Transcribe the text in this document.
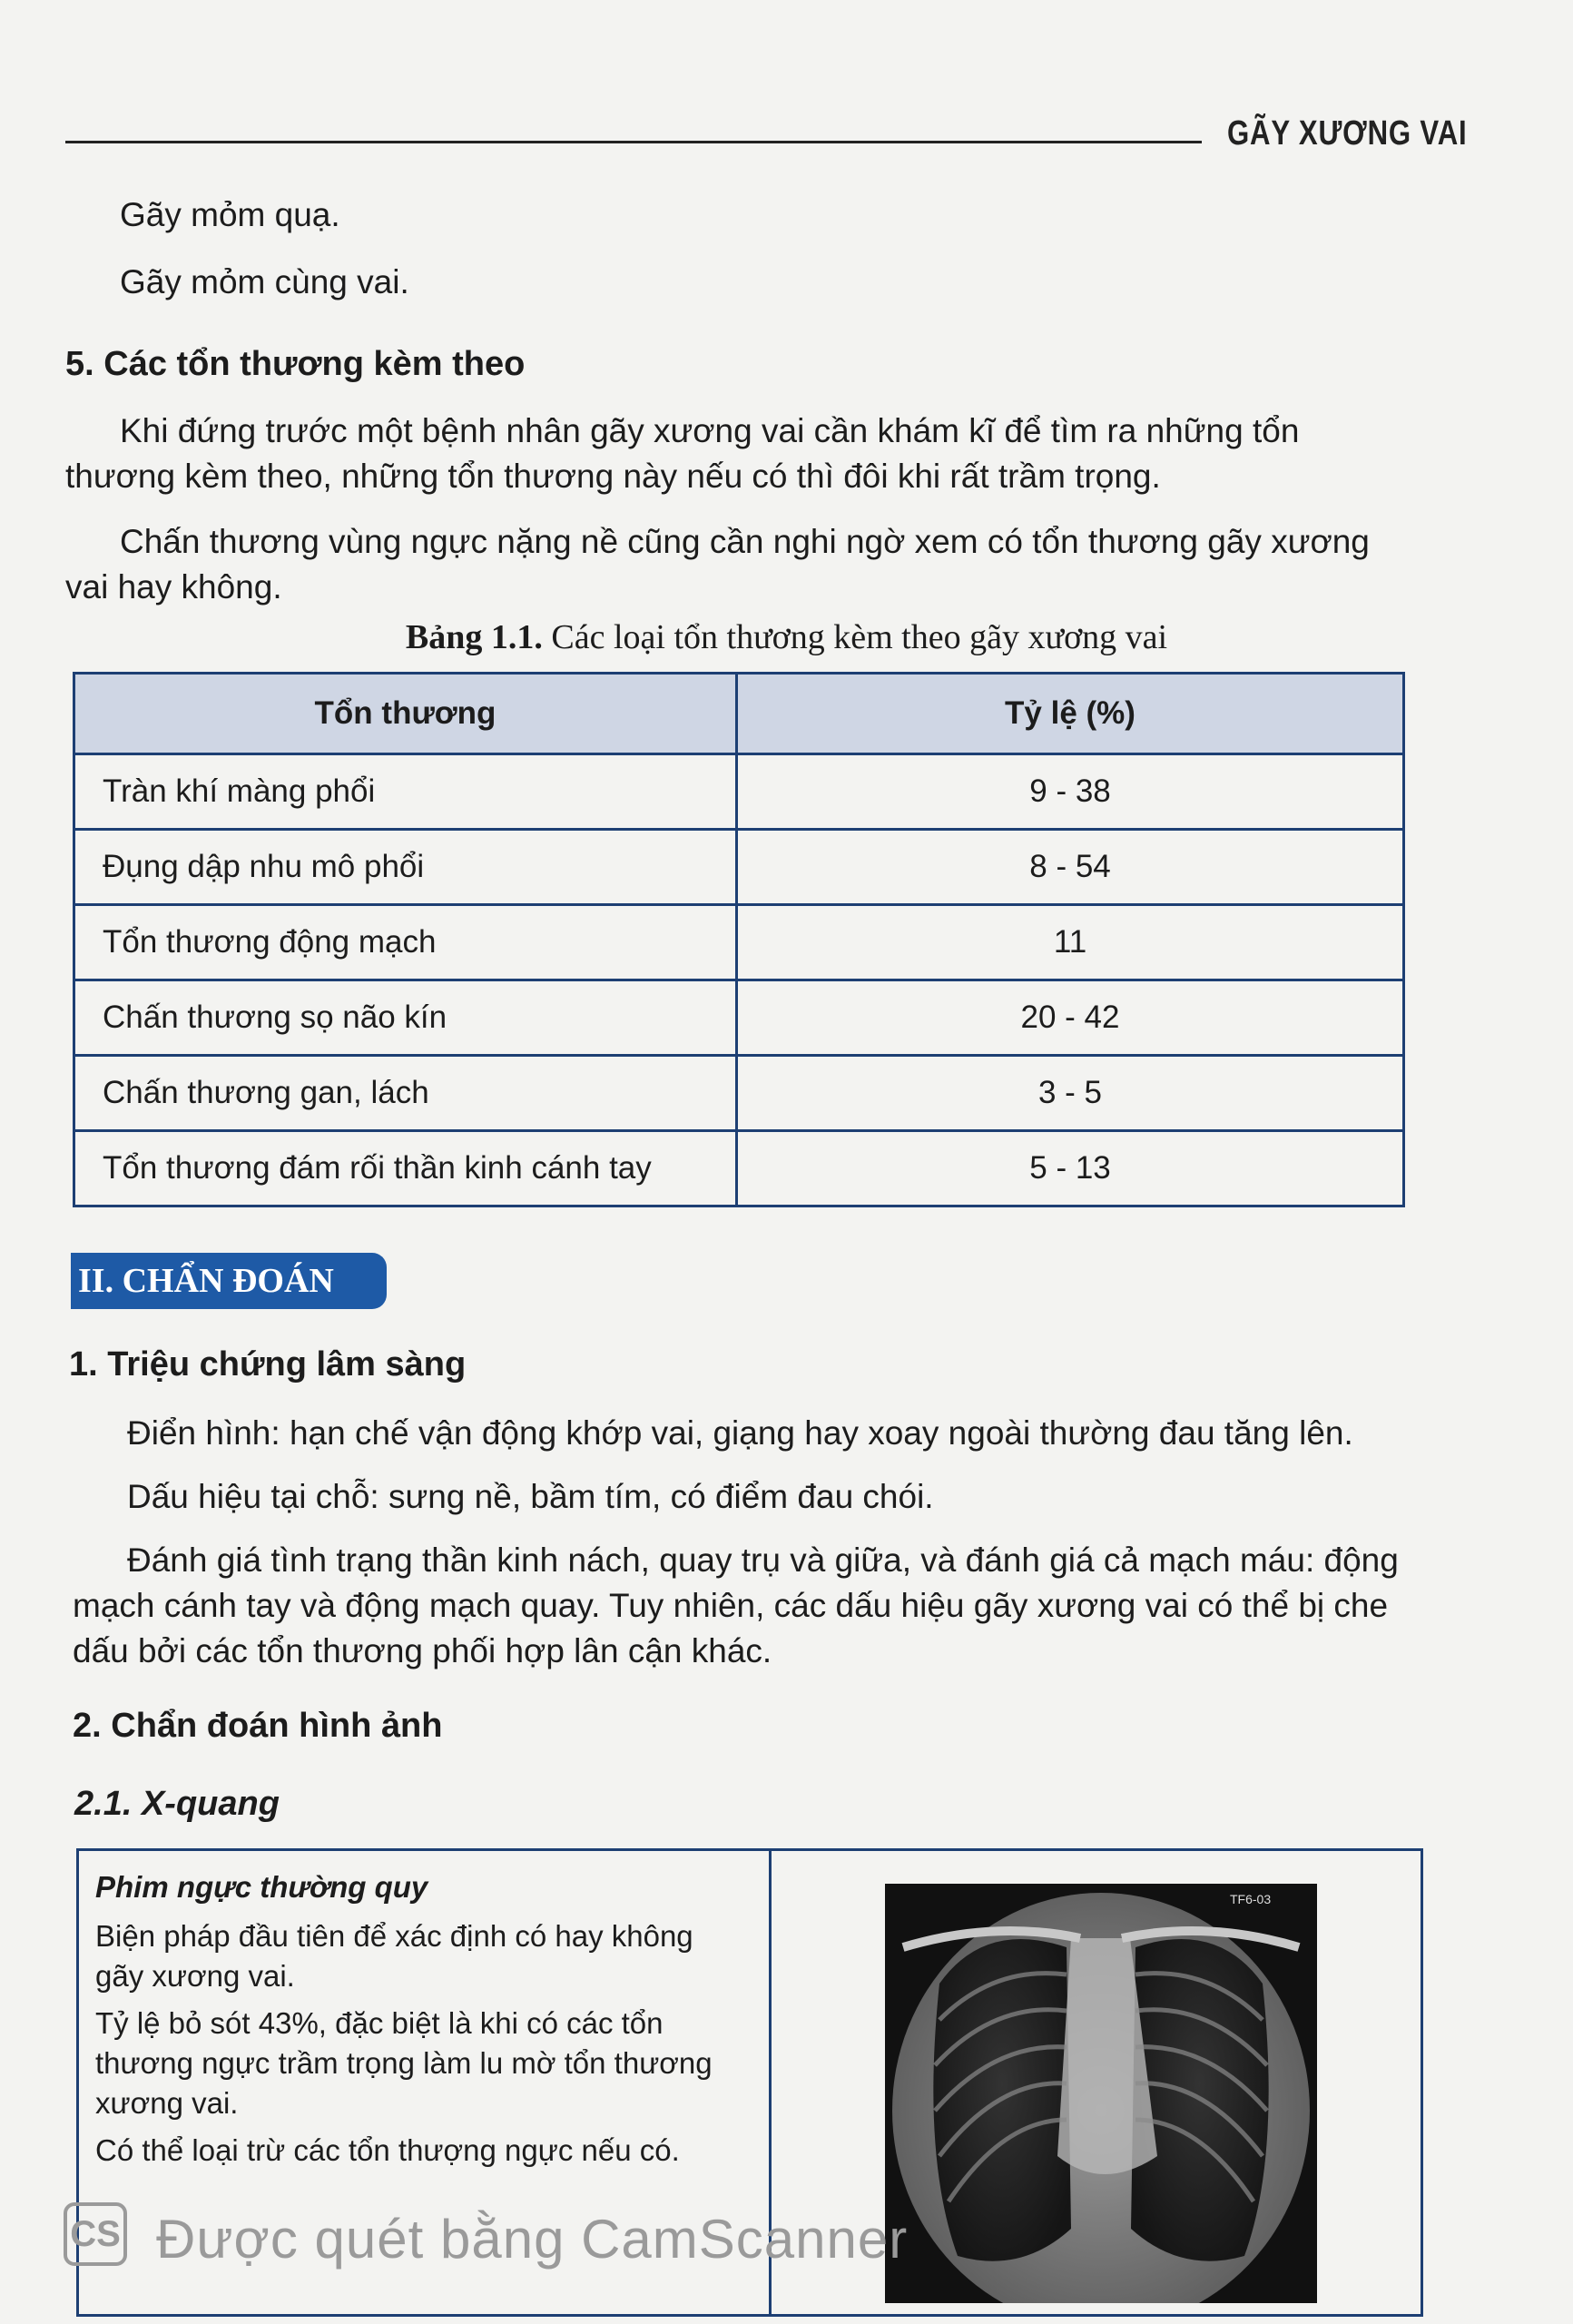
GÃY XƯƠNG VAI
Gãy mỏm quạ.
Gãy mỏm cùng vai.
5. Các tổn thương kèm theo
Khi đứng trước một bệnh nhân gãy xương vai cần khám kĩ để tìm ra những tổn thương kèm theo, những tổn thương này nếu có thì đôi khi rất trầm trọng.
Chấn thương vùng ngực nặng nề cũng cần nghi ngờ xem có tổn thương gãy xương vai hay không.
Bảng 1.1. Các loại tổn thương kèm theo gãy xương vai
Tổn thương	Tỷ lệ (%)
Tràn khí màng phổi	9 - 38
Đụng dập nhu mô phổi	8 - 54
Tổn thương động mạch	11
Chấn thương sọ não kín	20 - 42
Chấn thương gan, lách	3 - 5
Tổn thương đám rối thần kinh cánh tay	5 - 13
II. CHẨN ĐOÁN
1. Triệu chứng lâm sàng
Điển hình: hạn chế vận động khớp vai, giạng hay xoay ngoài thường đau tăng lên.
Dấu hiệu tại chỗ: sưng nề, bầm tím, có điểm đau chói.
Đánh giá tình trạng thần kinh nách, quay trụ và giữa, và đánh giá cả mạch máu: động mạch cánh tay và động mạch quay. Tuy nhiên, các dấu hiệu gãy xương vai có thể bị che dấu bởi các tổn thương phối hợp lân cận khác.
2. Chẩn đoán hình ảnh
2.1. X-quang
Phim ngực thường quy

Biện pháp đầu tiên để xác định có hay không gãy xương vai.

Tỷ lệ bỏ sót 43%, đặc biệt là khi có các tổn thương ngực trầm trọng làm lu mờ tổn thương xương vai.

Có thể loại trừ các tổn thượng ngực nếu có.

TF6-03
CS Được quét bằng CamScanner
